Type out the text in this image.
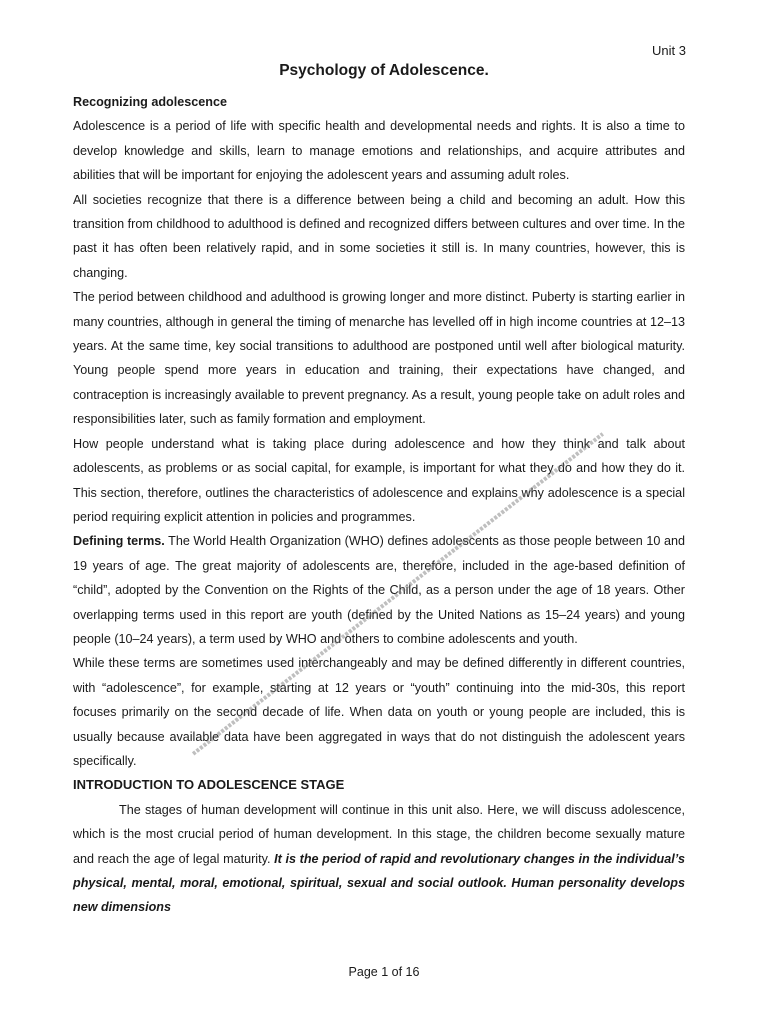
Unit 3
Psychology of Adolescence.
Recognizing adolescence

Adolescence is a period of life with specific health and developmental needs and rights. It is also a time to develop knowledge and skills, learn to manage emotions and relationships, and acquire attributes and abilities that will be important for enjoying the adolescent years and assuming adult roles.

All societies recognize that there is a difference between being a child and becoming an adult. How this transition from childhood to adulthood is defined and recognized differs between cultures and over time. In the past it has often been relatively rapid, and in some societies it still is. In many countries, however, this is changing.

The period between childhood and adulthood is growing longer and more distinct. Puberty is starting earlier in many countries, although in general the timing of menarche has levelled off in high income countries at 12–13 years. At the same time, key social transitions to adulthood are postponed until well after biological maturity. Young people spend more years in education and training, their expectations have changed, and contraception is increasingly available to prevent pregnancy. As a result, young people take on adult roles and responsibilities later, such as family formation and employment.

How people understand what is taking place during adolescence and how they think and talk about adolescents, as problems or as social capital, for example, is important for what they do and how they do it. This section, therefore, outlines the characteristics of adolescence and explains why adolescence is a special period requiring explicit attention in policies and programmes.

Defining terms. The World Health Organization (WHO) defines adolescents as those people between 10 and 19 years of age. The great majority of adolescents are, therefore, included in the age-based definition of “child”, adopted by the Convention on the Rights of the Child, as a person under the age of 18 years. Other overlapping terms used in this report are youth (defined by the United Nations as 15–24 years) and young people (10–24 years), a term used by WHO and others to combine adolescents and youth.

While these terms are sometimes used interchangeably and may be defined differently in different countries, with “adolescence”, for example, starting at 12 years or “youth” continuing into the mid-30s, this report focuses primarily on the second decade of life. When data on youth or young people are included, this is usually because available data have been aggregated in ways that do not distinguish the adolescent years specifically.

INTRODUCTION TO ADOLESCENCE STAGE

The stages of human development will continue in this unit also. Here, we will discuss adolescence, which is the most crucial period of human development. In this stage, the children become sexually mature and reach the age of legal maturity. It is the period of rapid and revolutionary changes in the individual’s physical, mental, moral, emotional, spiritual, sexual and social outlook. Human personality develops new dimensions

Page 1 of 16
